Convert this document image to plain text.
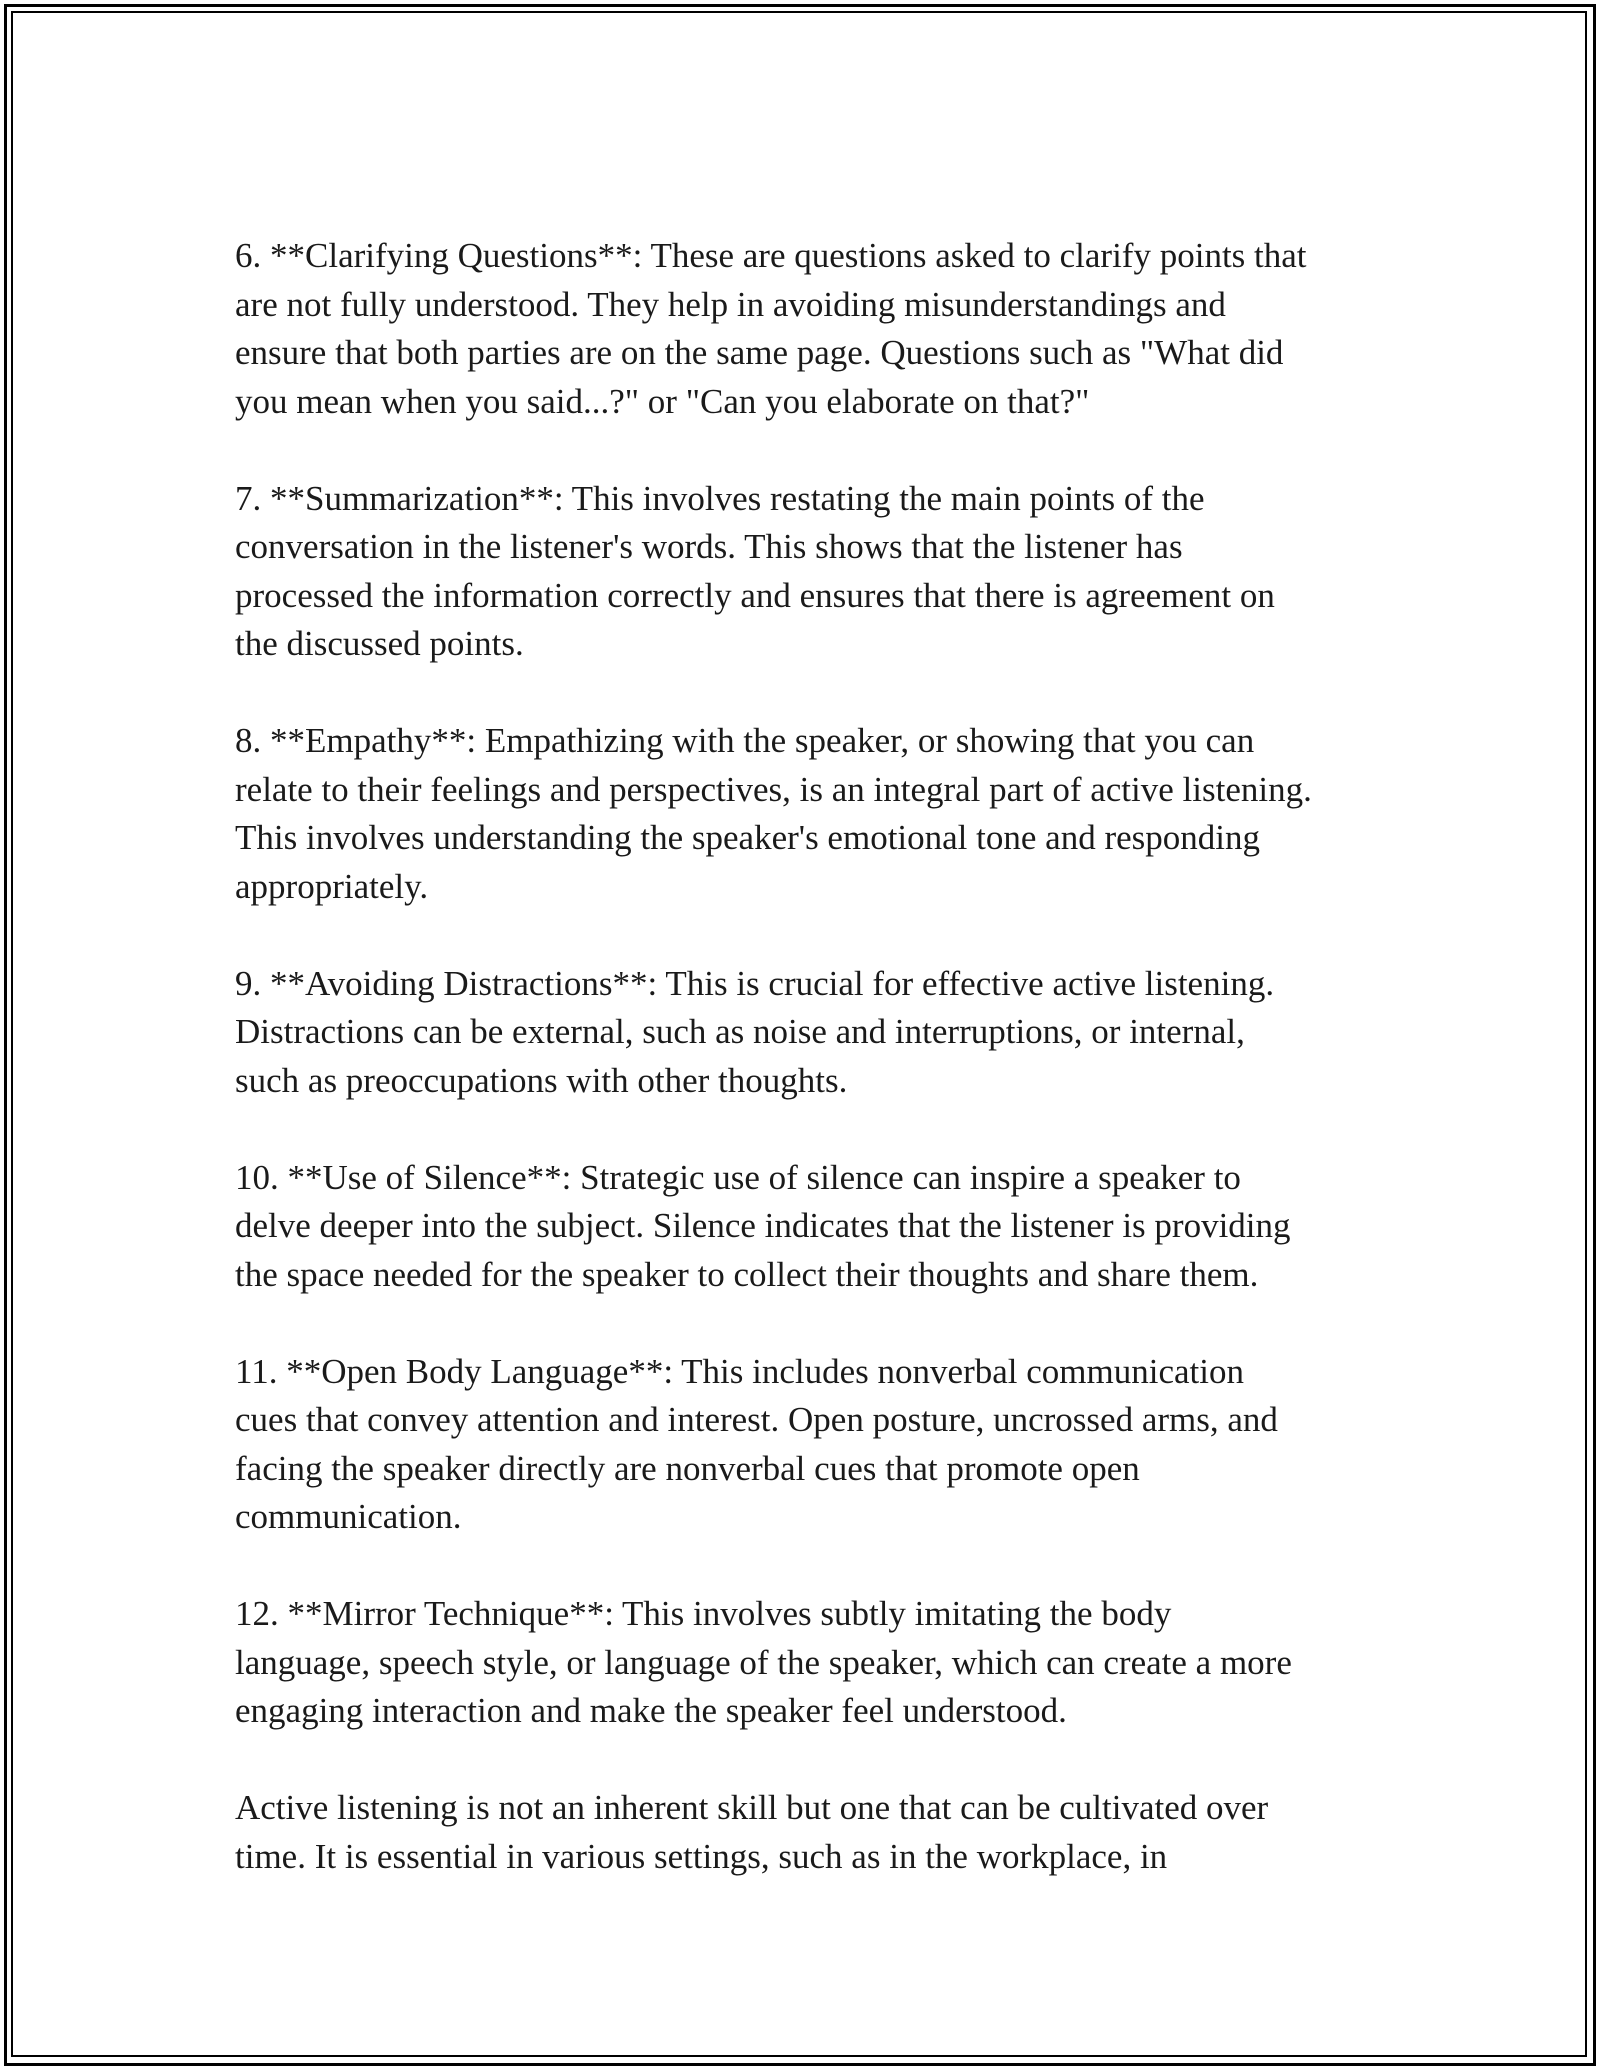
6. **Clarifying Questions**: These are questions asked to clarify points that
are not fully understood. They help in avoiding misunderstandings and
ensure that both parties are on the same page. Questions such as "What did
you mean when you said...?" or "Can you elaborate on that?"

7. **Summarization**: This involves restating the main points of the
conversation in the listener's words. This shows that the listener has
processed the information correctly and ensures that there is agreement on
the discussed points.

8. **Empathy**: Empathizing with the speaker, or showing that you can
relate to their feelings and perspectives, is an integral part of active listening.
This involves understanding the speaker's emotional tone and responding
appropriately.

9. **Avoiding Distractions**: This is crucial for effective active listening.
Distractions can be external, such as noise and interruptions, or internal,
such as preoccupations with other thoughts.

10. **Use of Silence**: Strategic use of silence can inspire a speaker to
delve deeper into the subject. Silence indicates that the listener is providing
the space needed for the speaker to collect their thoughts and share them.

11. **Open Body Language**: This includes nonverbal communication
cues that convey attention and interest. Open posture, uncrossed arms, and
facing the speaker directly are nonverbal cues that promote open
communication.

12. **Mirror Technique**: This involves subtly imitating the body
language, speech style, or language of the speaker, which can create a more
engaging interaction and make the speaker feel understood.

Active listening is not an inherent skill but one that can be cultivated over
time. It is essential in various settings, such as in the workplace, in
